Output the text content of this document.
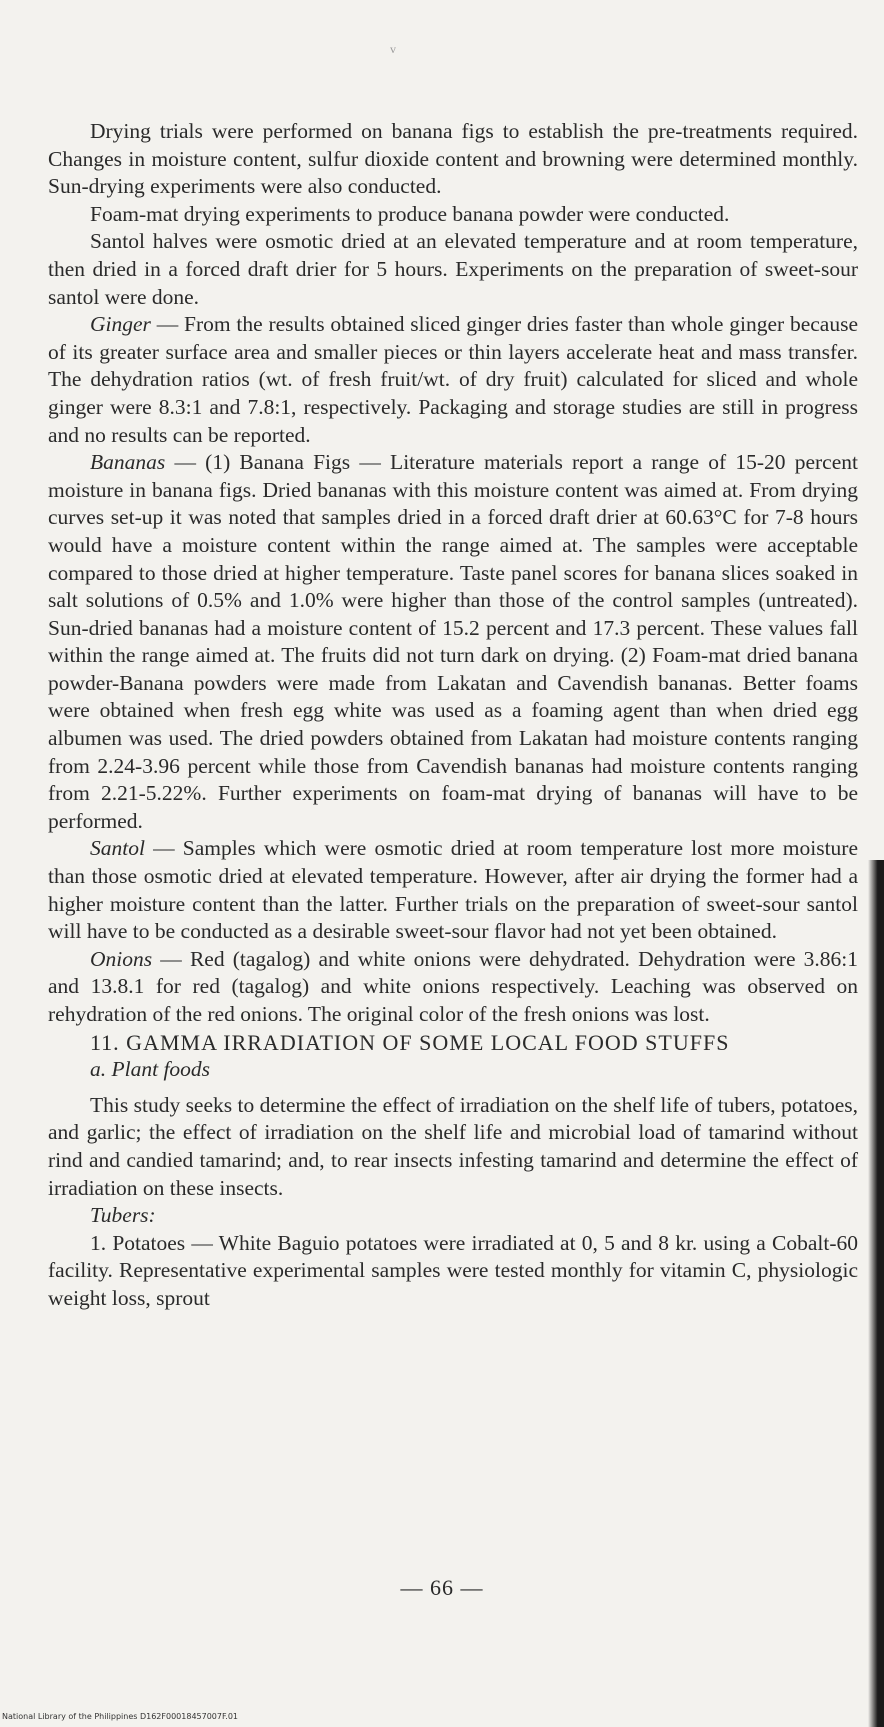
v

Drying trials were performed on banana figs to establish the pre-treatments required. Changes in moisture content, sulfur dioxide content and browning were determined monthly. Sun-drying experiments were also conducted.

Foam-mat drying experiments to produce banana powder were conducted.

Santol halves were osmotic dried at an elevated temperature and at room temperature, then dried in a forced draft drier for 5 hours. Experiments on the preparation of sweet-sour santol were done.

Ginger — From the results obtained sliced ginger dries faster than whole ginger because of its greater surface area and smaller pieces or thin layers accelerate heat and mass transfer. The dehydration ratios (wt. of fresh fruit/wt. of dry fruit) calculated for sliced and whole ginger were 8.3:1 and 7.8:1, respectively. Packaging and storage studies are still in progress and no results can be reported.

Bananas — (1) Banana Figs — Literature materials report a range of 15-20 percent moisture in banana figs. Dried bananas with this moisture content was aimed at. From drying curves set-up it was noted that samples dried in a forced draft drier at 60.63°C for 7-8 hours would have a moisture content within the range aimed at. The samples were acceptable compared to those dried at higher temperature. Taste panel scores for banana slices soaked in salt solutions of 0.5% and 1.0% were higher than those of the control samples (untreated). Sun-dried bananas had a moisture content of 15.2 percent and 17.3 percent. These values fall within the range aimed at. The fruits did not turn dark on drying. (2) Foam-mat dried banana powder-Banana powders were made from Lakatan and Cavendish bananas. Better foams were obtained when fresh egg white was used as a foaming agent than when dried egg albumen was used. The dried powders obtained from Lakatan had moisture contents ranging from 2.24-3.96 percent while those from Cavendish bananas had moisture contents ranging from 2.21-5.22%. Further experiments on foam-mat drying of bananas will have to be performed.

Santol — Samples which were osmotic dried at room temperature lost more moisture than those osmotic dried at elevated temperature. However, after air drying the former had a higher moisture content than the latter. Further trials on the preparation of sweet-sour santol will have to be conducted as a desirable sweet-sour flavor had not yet been obtained.

Onions — Red (tagalog) and white onions were dehydrated. Dehydration were 3.86:1 and 13.8.1 for red (tagalog) and white onions respectively. Leaching was observed on rehydration of the red onions. The original color of the fresh onions was lost.

11. GAMMA IRRADIATION OF SOME LOCAL FOOD STUFFS

a. Plant foods

This study seeks to determine the effect of irradiation on the shelf life of tubers, potatoes, and garlic; the effect of irradiation on the shelf life and microbial load of tamarind without rind and candied tamarind; and, to rear insects infesting tamarind and determine the effect of irradiation on these insects.

Tubers:

1. Potatoes — White Baguio potatoes were irradiated at 0, 5 and 8 kr. using a Cobalt-60 facility. Representative experimental samples were tested monthly for vitamin C, physiologic weight loss, sprout

— 66 —
National Library of the Philippines D162F00018457007F.01
